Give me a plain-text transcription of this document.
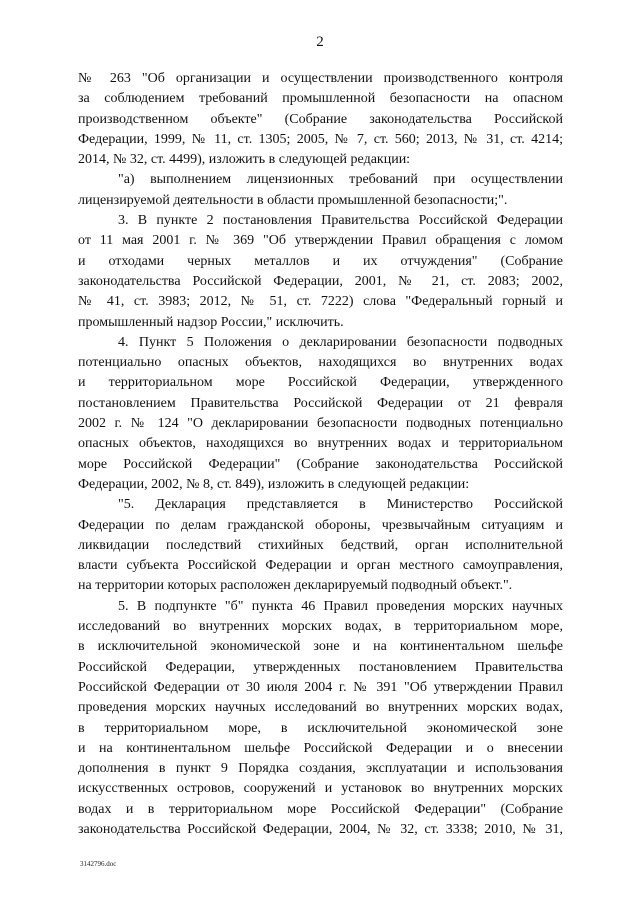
2
№ 263 "Об организации и осуществлении производственного контроля
за соблюдением требований промышленной безопасности на опасном
производственном объекте" (Собрание законодательства Российской
Федерации, 1999, № 11, ст. 1305; 2005, № 7, ст. 560; 2013, № 31, ст. 4214;
2014, № 32, ст. 4499), изложить в следующей редакции:
"а) выполнением лицензионных требований при осуществлении
лицензируемой деятельности в области промышленной безопасности;".
3. В пункте 2 постановления Правительства Российской Федерации
от 11 мая 2001 г. № 369 "Об утверждении Правил обращения с ломом
и отходами черных металлов и их отчуждения" (Собрание
законодательства Российской Федерации, 2001, № 21, ст. 2083; 2002,
№ 41, ст. 3983; 2012, № 51, ст. 7222) слова "Федеральный горный и
промышленный надзор России," исключить.
4. Пункт 5 Положения о декларировании безопасности подводных
потенциально опасных объектов, находящихся во внутренних водах
и территориальном море Российской Федерации, утвержденного
постановлением Правительства Российской Федерации от 21 февраля
2002 г. № 124 "О декларировании безопасности подводных потенциально
опасных объектов, находящихся во внутренних водах и территориальном
море Российской Федерации" (Собрание законодательства Российской
Федерации, 2002, № 8, ст. 849), изложить в следующей редакции:
"5. Декларация представляется в Министерство Российской
Федерации по делам гражданской обороны, чрезвычайным ситуациям и
ликвидации последствий стихийных бедствий, орган исполнительной
власти субъекта Российской Федерации и орган местного самоуправления,
на территории которых расположен декларируемый подводный объект.".
5. В подпункте "б" пункта 46 Правил проведения морских научных
исследований во внутренних морских водах, в территориальном море,
в исключительной экономической зоне и на континентальном шельфе
Российской Федерации, утвержденных постановлением Правительства
Российской Федерации от 30 июля 2004 г. № 391 "Об утверждении Правил
проведения морских научных исследований во внутренних морских водах,
в территориальном море, в исключительной экономической зоне
и на континентальном шельфе Российской Федерации и о внесении
дополнения в пункт 9 Порядка создания, эксплуатации и использования
искусственных островов, сооружений и установок во внутренних морских
водах и в территориальном море Российской Федерации" (Собрание
законодательства Российской Федерации, 2004, № 32, ст. 3338; 2010, № 31,
3142796.doc
